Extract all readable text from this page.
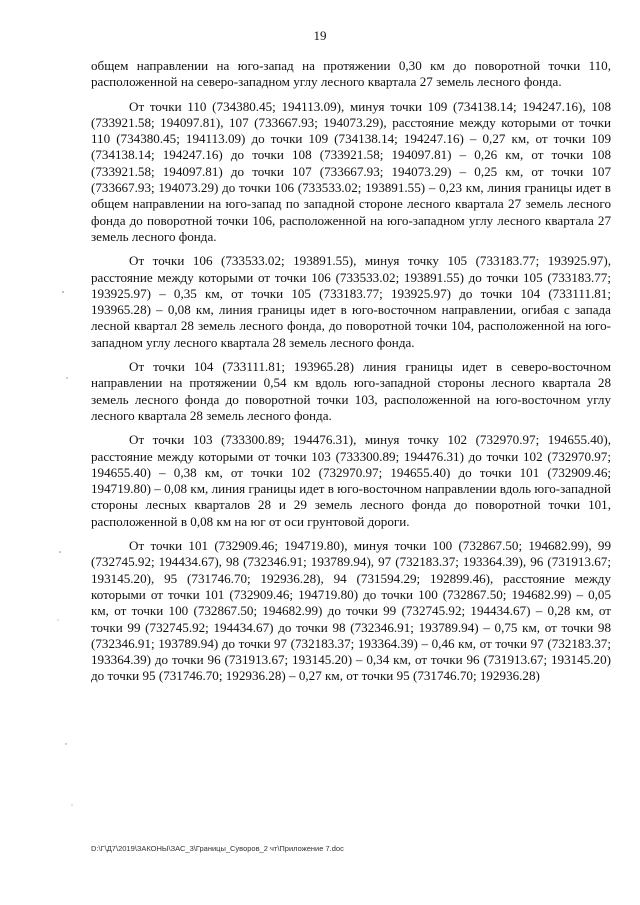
19

общем направлении на юго-запад на протяжении 0,30 км до поворотной точки 110, расположенной на северо-западном углу лесного квартала 27 земель лесного фонда.

От точки 110 (734380.45; 194113.09), минуя точки 109 (734138.14; 194247.16), 108 (733921.58; 194097.81), 107 (733667.93; 194073.29), расстояние между которыми от точки 110 (734380.45; 194113.09) до точки 109 (734138.14; 194247.16) – 0,27 км, от точки 109 (734138.14; 194247.16) до точки 108 (733921.58; 194097.81) – 0,26 км, от точки 108 (733921.58; 194097.81) до точки 107 (733667.93; 194073.29) – 0,25 км, от точки 107 (733667.93; 194073.29) до точки 106 (733533.02; 193891.55) – 0,23 км, линия границы идет в общем направлении на юго-запад по западной стороне лесного квартала 27 земель лесного фонда до поворотной точки 106, расположенной на юго-западном углу лесного квартала 27 земель лесного фонда.

От точки 106 (733533.02; 193891.55), минуя точку 105 (733183.77; 193925.97), расстояние между которыми от точки 106 (733533.02; 193891.55) до точки 105 (733183.77; 193925.97) – 0,35 км, от точки 105 (733183.77; 193925.97) до точки 104 (733111.81; 193965.28) – 0,08 км, линия границы идет в юго-восточном направлении, огибая с запада лесной квартал 28 земель лесного фонда, до поворотной точки 104, расположенной на юго-западном углу лесного квартала 28 земель лесного фонда.

От точки 104 (733111.81; 193965.28) линия границы идет в северо-восточном направлении на протяжении 0,54 км вдоль юго-западной стороны лесного квартала 28 земель лесного фонда до поворотной точки 103, расположенной на юго-восточном углу лесного квартала 28 земель лесного фонда.

От точки 103 (733300.89; 194476.31), минуя точку 102 (732970.97; 194655.40), расстояние между которыми от точки 103 (733300.89; 194476.31) до точки 102 (732970.97; 194655.40) – 0,38 км, от точки 102 (732970.97; 194655.40) до точки 101 (732909.46; 194719.80) – 0,08 км, линия границы идет в юго-восточном направлении вдоль юго-западной стороны лесных кварталов 28 и 29 земель лесного фонда до поворотной точки 101, расположенной в 0,08 км на юг от оси грунтовой дороги.

От точки 101 (732909.46; 194719.80), минуя точки 100 (732867.50; 194682.99), 99 (732745.92; 194434.67), 98 (732346.91; 193789.94), 97 (732183.37; 193364.39), 96 (731913.67; 193145.20), 95 (731746.70; 192936.28), 94 (731594.29; 192899.46), расстояние между которыми от точки 101 (732909.46; 194719.80) до точки 100 (732867.50; 194682.99) – 0,05 км, от точки 100 (732867.50; 194682.99) до точки 99 (732745.92; 194434.67) – 0,28 км, от точки 99 (732745.92; 194434.67) до точки 98 (732346.91; 193789.94) – 0,75 км, от точки 98 (732346.91; 193789.94) до точки 97 (732183.37; 193364.39) – 0,46 км, от точки 97 (732183.37; 193364.39) до точки 96 (731913.67; 193145.20) – 0,34 км, от точки 96 (731913.67; 193145.20) до точки 95 (731746.70; 192936.28) – 0,27 км, от точки 95 (731746.70; 192936.28)

D:\Г\Д7\2019\ЗАКОНЫ\ЗАС_3\Границы_Суворов_2 чт\Приложение 7.doc
